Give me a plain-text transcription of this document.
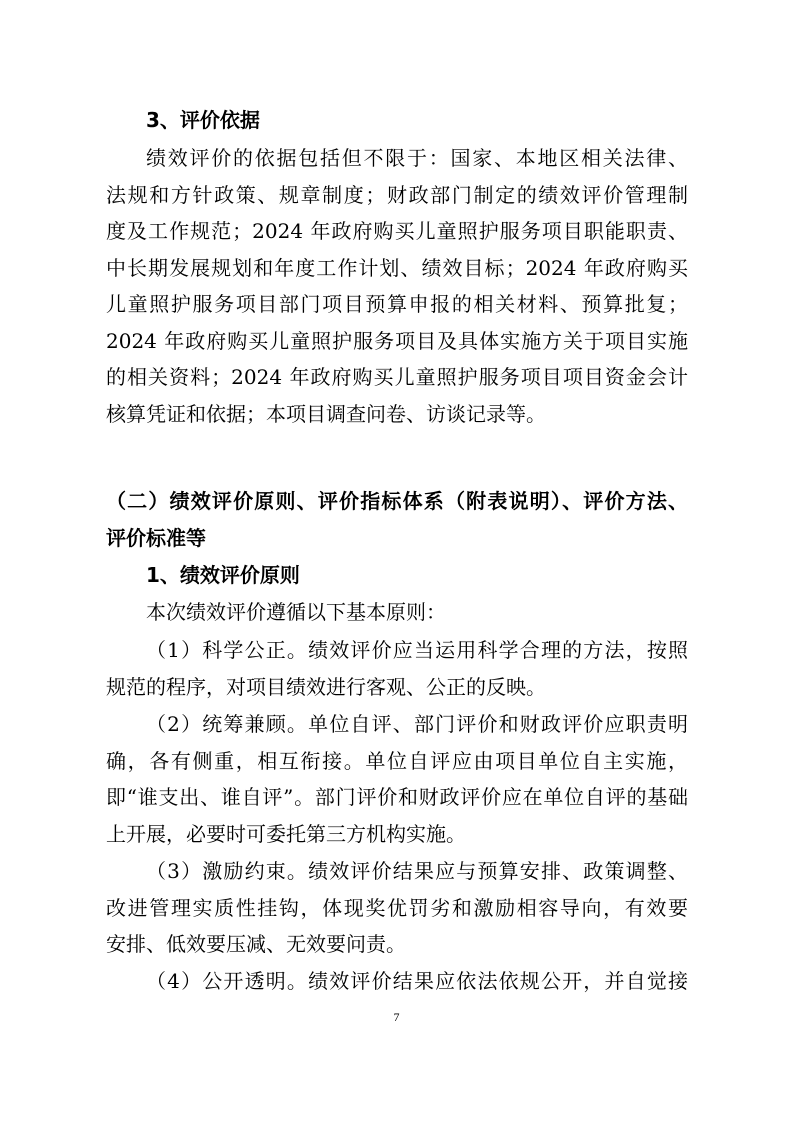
3、评价依据
绩效评价的依据包括但不限于：国家、本地区相关法律、
法规和方针政策、规章制度；财政部门制定的绩效评价管理制
度及工作规范；2024 年政府购买儿童照护服务项目职能职责、
中长期发展规划和年度工作计划、绩效目标；2024 年政府购买
儿童照护服务项目部门项目预算申报的相关材料、预算批复；
2024 年政府购买儿童照护服务项目及具体实施方关于项目实施
的相关资料；2024 年政府购买儿童照护服务项目项目资金会计
核算凭证和依据；本项目调查问卷、访谈记录等。
（二）绩效评价原则、评价指标体系（附表说明）、评价方法、
评价标准等
1、绩效评价原则
本次绩效评价遵循以下基本原则：
（1）科学公正。绩效评价应当运用科学合理的方法，按照
规范的程序，对项目绩效进行客观、公正的反映。
（2）统筹兼顾。单位自评、部门评价和财政评价应职责明
确，各有侧重，相互衔接。单位自评应由项目单位自主实施，
即“谁支出、谁自评”。部门评价和财政评价应在单位自评的基础
上开展，必要时可委托第三方机构实施。
（3）激励约束。绩效评价结果应与预算安排、政策调整、
改进管理实质性挂钩，体现奖优罚劣和激励相容导向，有效要
安排、低效要压减、无效要问责。
（4）公开透明。绩效评价结果应依法依规公开，并自觉接
7
